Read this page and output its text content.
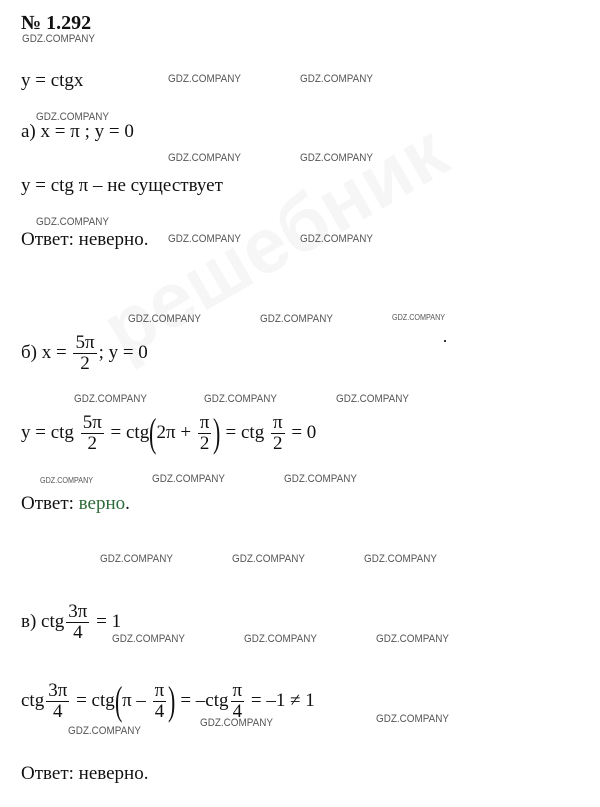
№ 1.292
GDZ.COMPANY
GDZ.COMPANY	GDZ.COMPANY
GDZ.COMPANY
GDZ.COMPANY	GDZ.COMPANY
GDZ.COMPANY
GDZ.COMPANY	GDZ.COMPANY
GDZ.COMPANY	GDZ.COMPANY	GDZ.COMPANY
GDZ.COMPANY	GDZ.COMPANY	GDZ.COMPANY
GDZ.COMPANY	GDZ.COMPANY	GDZ.COMPANY
GDZ.COMPANY	GDZ.COMPANY	GDZ.COMPANY
GDZ.COMPANY	GDZ.COMPANY	GDZ.COMPANY
GDZ.COMPANY
GDZ.COMPANY	GDZ.COMPANY
y = ctgx
а) x = π ; y = 0
y = ctg π – не существует
Ответ: неверно.
б) $x = \frac{5\pi}{2}$ ; y = 0
y = ctg $\frac{5\pi}{2} = ctg(2\pi + \frac{\pi}{2}$ ) = ctg $\frac{\pi}{2} = 0$
Ответ: верно.
в) ctg $\frac{3\pi}{4} = 1$
ctg $\frac{3\pi}{4} = ctg(\pi - \frac{\pi}{4}$ ) = $-ctg \frac{\pi}{4} = -1 \ne 1$
Ответ: неверно.
